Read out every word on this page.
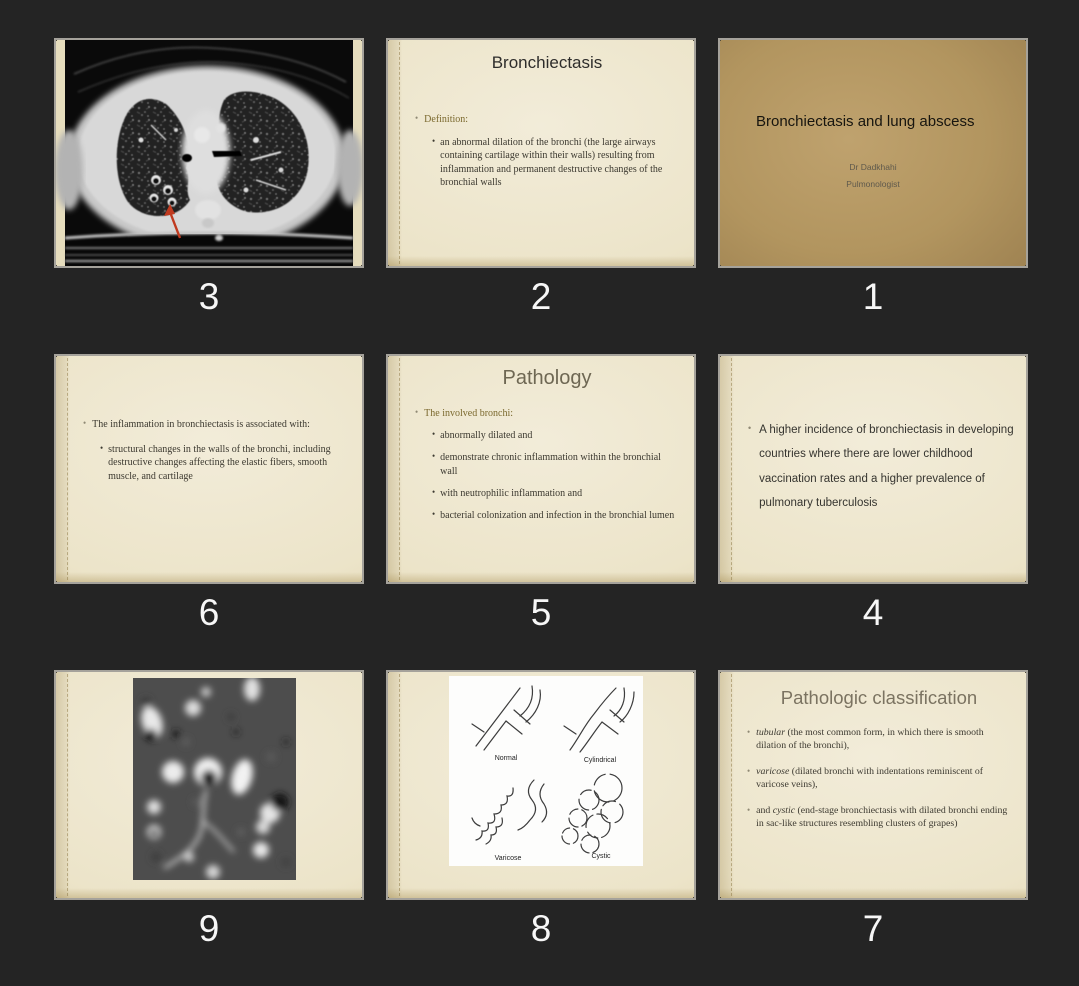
3
Bronchiectasis
• Definition:
• an abnormal dilation of the bronchi (the large airways containing cartilage within their walls) resulting from inflammation and permanent destructive changes of the bronchial walls
2
Bronchiectasis and lung abscess
Dr Dadkhahi
Pulmonologist
1
• The inflammation in bronchiectasis is associated with:
• structural changes in the walls of the bronchi, including destructive changes affecting the elastic fibers, smooth muscle, and cartilage
6
Pathology
• The involved bronchi:
• abnormally dilated and
• demonstrate chronic inflammation within the bronchial wall
• with neutrophilic inflammation and
• bacterial colonization and infection in the bronchial lumen
5
• A higher incidence of bronchiectasis in developing countries where there are lower childhood vaccination rates and a higher prevalence of pulmonary tuberculosis
4
9
Normal	Cylindrical
Varicose	Cystic
8
Pathologic classification
• tubular (the most common form, in which there is smooth dilation of the bronchi),
• varicose (dilated bronchi with indentations reminiscent of varicose veins),
• and cystic (end-stage bronchiectasis with dilated bronchi ending in sac-like structures resembling clusters of grapes)
7
